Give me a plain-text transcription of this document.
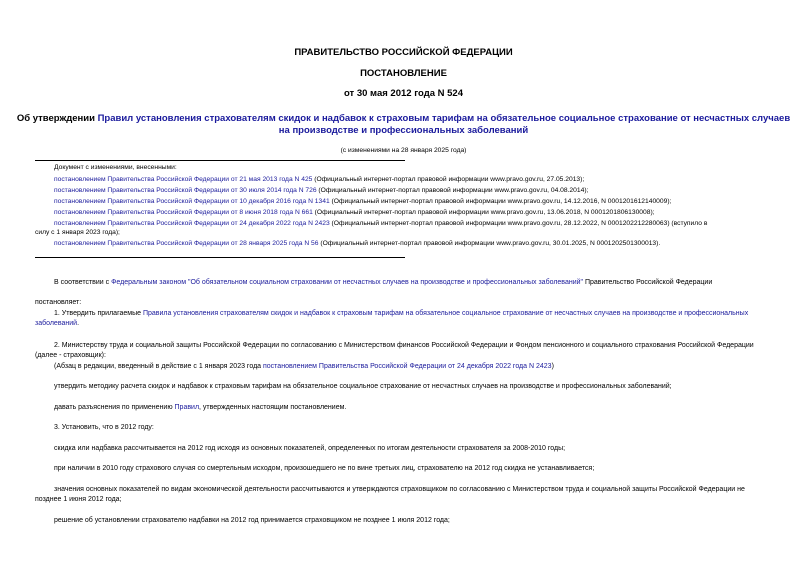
ПРАВИТЕЛЬСТВО РОССИЙСКОЙ ФЕДЕРАЦИИ
ПОСТАНОВЛЕНИЕ
от 30 мая 2012 года N 524
Об утверждении Правил установления страхователям скидок и надбавок к страховым тарифам на обязательное социальное страхование от несчастных случаев
на производстве и профессиональных заболеваний
(с изменениями на 28 января 2025 года)
Документ с изменениями, внесенными:
постановлением Правительства Российской Федерации от 21 мая 2013 года N 425 (Официальный интернет-портал правовой информации www.pravo.gov.ru, 27.05.2013);
постановлением Правительства Российской Федерации от 30 июля 2014 года N 726 (Официальный интернет-портал правовой информации www.pravo.gov.ru, 04.08.2014);
постановлением Правительства Российской Федерации от 10 декабря 2016 года N 1341 (Официальный интернет-портал правовой информации www.pravo.gov.ru, 14.12.2016, N 0001201612140009);
постановлением Правительства Российской Федерации от 8 июня 2018 года N 661 (Официальный интернет-портал правовой информации www.pravo.gov.ru, 13.06.2018, N 0001201806130008);
постановлением Правительства Российской Федерации от 24 декабря 2022 года N 2423 (Официальный интернет-портал правовой информации www.pravo.gov.ru, 28.12.2022, N 0001202212280063) (вступило в
силу с 1 января 2023 года);
постановлением Правительства Российской Федерации от 28 января 2025 года N 56 (Официальный интернет-портал правовой информации www.pravo.gov.ru, 30.01.2025, N 0001202501300013).
В соответствии с Федеральным законом "Об обязательном социальном страховании от несчастных случаев на производстве и профессиональных заболеваний" Правительство Российской Федерации
постановляет:
1. Утвердить прилагаемые Правила установления страхователям скидок и надбавок к страховым тарифам на обязательное социальное страхование от несчастных случаев на производстве и профессиональных
заболеваний.
2. Министерству труда и социальной защиты Российской Федерации по согласованию с Министерством финансов Российской Федерации и Фондом пенсионного и социального страхования Российской Федерации
(далее - страховщик):
(Абзац в редакции, введенный в действие с 1 января 2023 года постановлением Правительства Российской Федерации от 24 декабря 2022 года N 2423)
утвердить методику расчета скидок и надбавок к страховым тарифам на обязательное социальное страхование от несчастных случаев на производстве и профессиональных заболеваний;
давать разъяснения по применению Правил, утвержденных настоящим постановлением.
3. Установить, что в 2012 году:
скидка или надбавка рассчитывается на 2012 год исходя из основных показателей, определенных по итогам деятельности страхователя за 2008-2010 годы;
при наличии в 2010 году страхового случая со смертельным исходом, произошедшего не по вине третьих лиц, страхователю на 2012 год скидка не устанавливается;
значения основных показателей по видам экономической деятельности рассчитываются и утверждаются страховщиком по согласованию с Министерством труда и социальной защиты Российской Федерации не
позднее 1 июня 2012 года;
решение об установлении страхователю надбавки на 2012 год принимается страховщиком не позднее 1 июля 2012 года;
